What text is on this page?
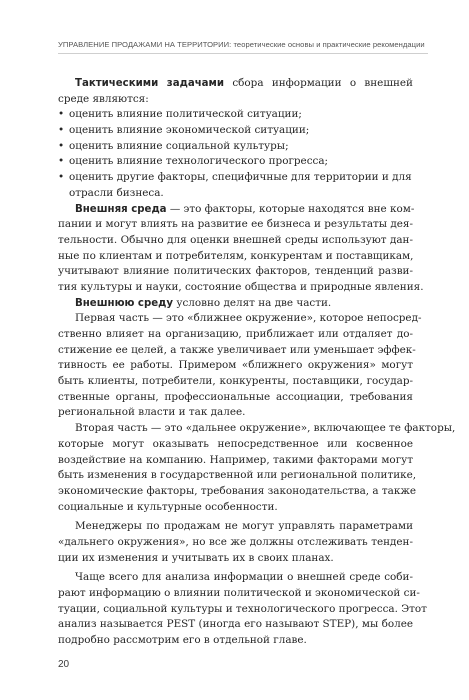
УПРАВЛЕНИЕ ПРОДАЖАМИ НА ТЕРРИТОРИИ: теоретические основы и практические рекомендации
Тактическими задачами сбора информации о внешней
среде являются:
• оценить влияние политической ситуации;
• оценить влияние экономической ситуации;
• оценить влияние социальной культуры;
• оценить влияние технологического прогресса;
• оценить другие факторы, специфичные для территории и для
отрасли бизнеса.
Внешняя среда — это факторы, которые находятся вне ком-
пании и могут влиять на развитие ее бизнеса и результаты дея-
тельности. Обычно для оценки внешней среды используют дан-
ные по клиентам и потребителям, конкурентам и поставщикам,
учитывают влияние политических факторов, тенденций разви-
тия культуры и науки, состояние общества и природные явления.
Внешнюю среду условно делят на две части.
Первая часть — это «ближнее окружение», которое непосред-
ственно влияет на организацию, приближает или отдаляет до-
стижение ее целей, а также увеличивает или уменьшает эффек-
тивность ее работы. Примером «ближнего окружения» могут
быть клиенты, потребители, конкуренты, поставщики, государ-
ственные органы, профессиональные ассоциации, требования
региональной власти и так далее.
Вторая часть — это «дальнее окружение», включающее те факторы,
которые могут оказывать непосредственное или косвенное
воздействие на компанию. Например, такими факторами могут
быть изменения в государственной или региональной политике,
экономические факторы, требования законодательства, а также
социальные и культурные особенности.
Менеджеры по продажам не могут управлять параметрами
«дальнего окружения», но все же должны отслеживать тенден-
ции их изменения и учитывать их в своих планах.
Чаще всего для анализа информации о внешней среде соби-
рают информацию о влиянии политической и экономической си-
туации, социальной культуры и технологического прогресса. Этот
анализ называется PEST (иногда его называют STEP), мы более
подробно рассмотрим его в отдельной главе.
20
